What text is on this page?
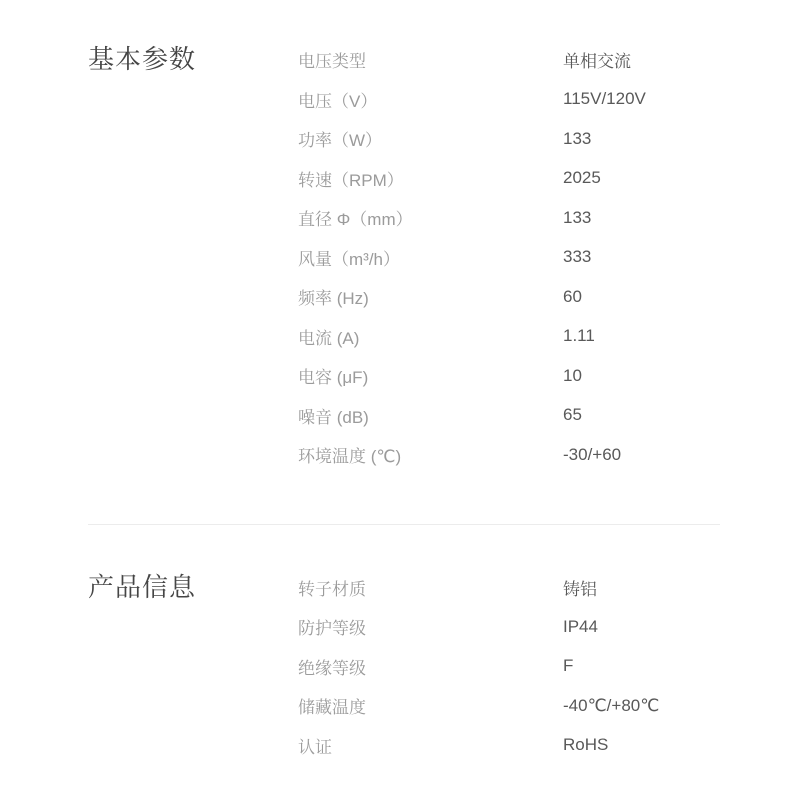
基本参数	电压类型	单相交流
电压（V）	115V/120V
功率（W）	133
转速（RPM）	2025
直径 Φ（mm）	133
风量（m³/h）	333
频率 (Hz)	60
电流 (A)	1.11
电容 (μF)	10
噪音 (dB)	65
环境温度 (℃)	-30/+60
产品信息	转子材质	铸铝
防护等级	IP44
绝缘等级	F
储藏温度	-40℃/+80℃
认证	RoHS
